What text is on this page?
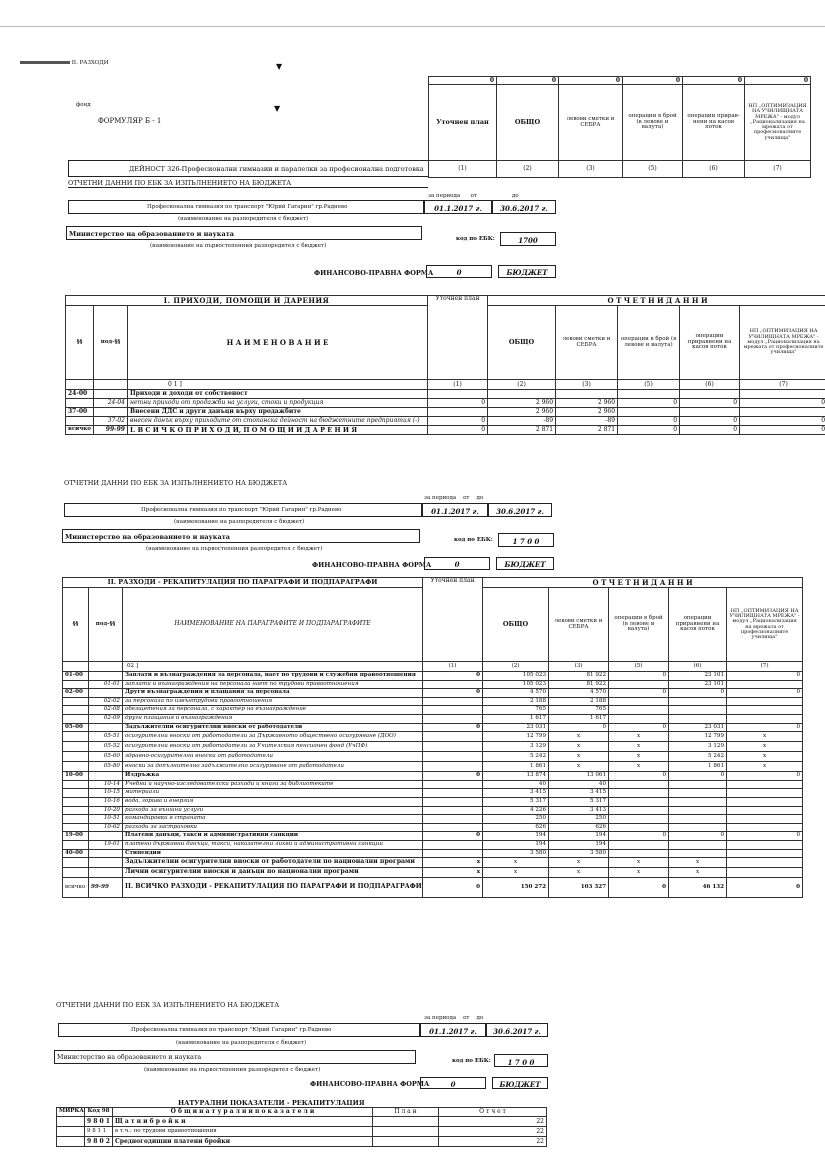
II. РАЗХОДИ	▼
фонд
ФОРМУЛЯР Б - 1
▼
ДЕЙНОСТ 326-Професионални гимназии и паралелки за професионална подготовка
0	0	0	0	0	0
Уточнен план	ОБЩО	левови сметки и СЕБРА	операции в брой (в левове и валута)	операции приравнени на касов поток	НП „ОПТИМИЗАЦИЯ НА УЧИЛИЩНАТА МРЕЖА" - модул „Рационализация на мрежата от професионалните училища"
(1)	(2)	(3)	(5)	(6)	(7)
ОТЧЕТНИ ДАННИ ПО ЕБК ЗА ИЗПЪЛНЕНИЕТО НА БЮДЖЕТА
за периода от	до
Професионална гимназия по транспорт "Юрий Гагарин" гр.Раднево
(наименование на разпоредителя с бюджет)
01.1.2017 г.	30.6.2017 г.
Министерство на образованието и науката
(наименование на първостепенния разпоредител с бюджет)
код по ЕБК:	1700
ФИНАНСОВО-ПРАВНА ФОРМА	0	БЮДЖЕТ
I. ПРИХОДИ, ПОМОЩИ И ДАРЕНИЯ			Уточнен план	О Т Ч Е Т Н И Д А Н Н И				
§§	под-§§	Н А И М Е Н О В А Н И Е		ОБЩО	левови сметки и СЕБРА	операции в брой (в левове и валута)	операции приравнени на касов поток	НП „ОПТИМИЗАЦИЯ НА УЧИЛИЩНАТА МРЕЖА" - модул „Рационализация на мрежата от професионалните училища"
		0 1 ]	(1)	(2)	(3)	(5)	(6)	(7)
24-00		Приходи и доходи от собственост						
	24-04	нетни приходи от продажби на услуги, стоки и продукция	0	2 960	2 960	0	0	0
37-00		Внесени ДДС и други данъци върху продажбите		2 960	2 960			
	37-02	внесен данък върху приходите от стопанска дейност на бюджетните предприятия (-)	0	-89	-89	0	0	0
всичко	99-99	I. В С И Ч К О П Р И Х О Д И, П О М О Щ И И Д А Р Е Н И Я	0	2 871	2 871	0	0	0
ОТЧЕТНИ ДАННИ ПО ЕБК ЗА ИЗПЪЛНЕНИЕТО НА БЮДЖЕТА
за периода от до
Професионална гимназия по транспорт "Юрий Гагарин" гр.Раднево
(наименование на разпоредителя с бюджет)
01.1.2017 г.	30.6.2017 г.
Министерство на образованието и науката
(наименование на първостепенния разпоредител с бюджет)
код по ЕБК:	1 7 0 0
ФИНАНСОВО-ПРАВНА ФОРМА	0	БЮДЖЕТ
II. РАЗХОДИ - РЕКАПИТУЛАЦИЯ ПО ПАРАГРАФИ И ПОДПАРАГРАФИ			Уточнен план	О Т Ч Е Т Н И Д А Н Н И				
§§	под-§§	НАИМЕНОВАНИЕ НА ПАРАГРАФИТЕ И ПОДПАРАГРАФИТЕ		ОБЩО	левови сметки и СЕБРА	операции в брой (в левове и валута)	операции приравнени на касов поток	НП „ОПТИМИЗАЦИЯ НА УЧИЛИЩНАТА МРЕЖА" - модул „Рационализация на мрежата от професионалните училища"
		02 ]	(1)	(2)	(3)	(5)	(6)	(7)
01-00		Заплати и възнаграждения за персонала, нает по трудови и служебни правоотношения	0	105 023	81 922	0	23 101	0
	01-01	заплати и възнаграждения на персонала нает по трудови правоотношения		105 023	81 922		23 101	
02-00		Други възнаграждения и плащания за персонала	0	4 570	4 570	0	0	0
	02-02	за персонала по извънтрудови правоотношения		2 188	2 188			
	02-08	обезщетения за персонала, с характер на възнаграждение		765	765			
	02-09	други плащания и възнаграждения		1 617	1 617			
05-00		Задължителни осигурителни вноски от работодатели	0	23 031	0	0	23 031	0
	05-51	осигурителни вноски от работодатели за Държавното обществено осигуряване (ДОО)		12 799	x	x	12 799	x
	05-52	осигурителни вноски от работодатели за Учителския пенсионен фонд (УчПФ)		3 129	x	x	3 129	x
	05-60	здравно-осигурителни вноски от работодатели		5 242	x	x	5 242	x
	05-80	вноски за допълнително задължително осигуряване от работодатели		1 861	x	x	1 861	x
10-00		Издръжка	0	13 874	13 061	0	0	0
	10-14	Учебни и научно-изследователски разходи и книги за библиотеките		40	40			
	10-15	материали		3 415	3 415			
	10-16	вода, горива и енергия		5 317	5 317			
	10-20	разходи за външни услуги		4 226	3 413			
	10-51	командировки в страната		250	250			
	10-62	разходи за застраховки		626	626			
19-00		Платени данъци, такси и административни санкции	0	194	194	0	0	0
	19-01	платени държавни данъци, такси, наказателни лихви и административни санкции		194	194			
40-00		Стипендии		3 580	3 580			
		Задължителни осигурителни вноски от работодатели по национални програми	x	x	x	x	x	
		Лични осигурителни вноски и данъци по национални програми	x	x	x	x	x	
всичко	99-99	II. ВСИЧКО РАЗХОДИ - РЕКАПИТУЛАЦИЯ ПО ПАРАГРАФИ И ПОДПАРАГРАФИ	0	150 272	103 327	0	46 132	0
ОТЧЕТНИ ДАННИ ПО ЕБК ЗА ИЗПЪЛНЕНИЕТО НА БЮДЖЕТА
за периода от до
Професионална гимназия по транспорт "Юрий Гагарин" гр.Раднево
(наименование на разпоредителя с бюджет)
01.1.2017 г.	30.6.2017 г.
Министерство на образованието и науката
(наименование на първостепенния разпоредител с бюджет)
код по ЕБК:	1 7 0 0
ФИНАНСОВО-ПРАВНА ФОРМА	0	БЮДЖЕТ
НАТУРАЛНИ ПОКАЗАТЕЛИ - РЕКАПИТУЛАЦИЯ
МИРКА	Код 98	О б щ и н а т у р а л н и п о к а з а т е л и	П л а н	О т ч е т
	9 8 0 1	Щ а т н и б р о й к и		22
	9 8 1 1	в т.ч.: по трудови правоотношения		22
	9 8 0 2	Средногодишни платени бройки		22
